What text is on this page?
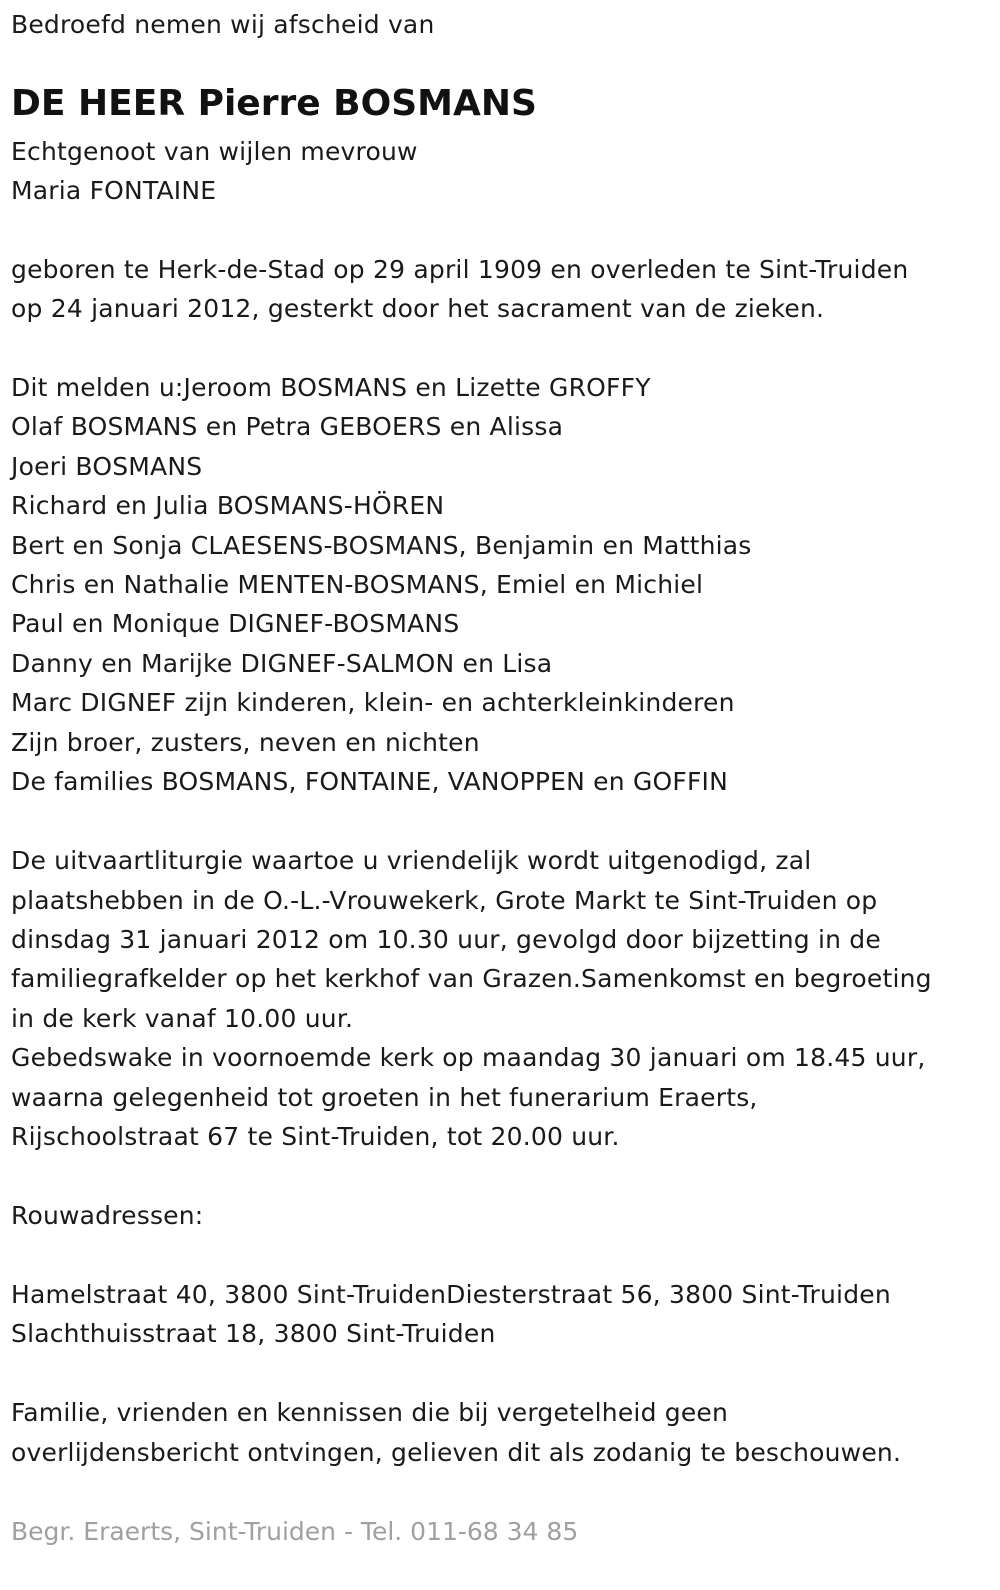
Bedroefd nemen wij afscheid van
DE HEER Pierre BOSMANS
Echtgenoot van wijlen mevrouw
Maria FONTAINE
geboren te Herk-de-Stad op 29 april 1909 en overleden te Sint-Truiden
op 24 januari 2012, gesterkt door het sacrament van de zieken.
Dit melden u:Jeroom BOSMANS en Lizette GROFFY
Olaf BOSMANS en Petra GEBOERS en Alissa
Joeri BOSMANS
Richard en Julia BOSMANS-HÖREN
Bert en Sonja CLAESENS-BOSMANS, Benjamin en Matthias
Chris en Nathalie MENTEN-BOSMANS, Emiel en Michiel
Paul en Monique DIGNEF-BOSMANS
Danny en Marijke DIGNEF-SALMON en Lisa
Marc DIGNEF zijn kinderen, klein- en achterkleinkinderen
Zijn broer, zusters, neven en nichten
De families BOSMANS, FONTAINE, VANOPPEN en GOFFIN
De uitvaartliturgie waartoe u vriendelijk wordt uitgenodigd, zal
plaatshebben in de O.-L.-Vrouwekerk, Grote Markt te Sint-Truiden op
dinsdag 31 januari 2012 om 10.30 uur, gevolgd door bijzetting in de
familiegrafkelder op het kerkhof van Grazen.Samenkomst en begroeting
in de kerk vanaf 10.00 uur.
Gebedswake in voornoemde kerk op maandag 30 januari om 18.45 uur,
waarna gelegenheid tot groeten in het funerarium Eraerts,
Rijschoolstraat 67 te Sint-Truiden, tot 20.00 uur.
Rouwadressen:
Hamelstraat 40, 3800 Sint-TruidenDiesterstraat 56, 3800 Sint-Truiden
Slachthuisstraat 18, 3800 Sint-Truiden
Familie, vrienden en kennissen die bij vergetelheid geen
overlijdensbericht ontvingen, gelieven dit als zodanig te beschouwen.
Begr. Eraerts, Sint-Truiden - Tel. 011-68 34 85
